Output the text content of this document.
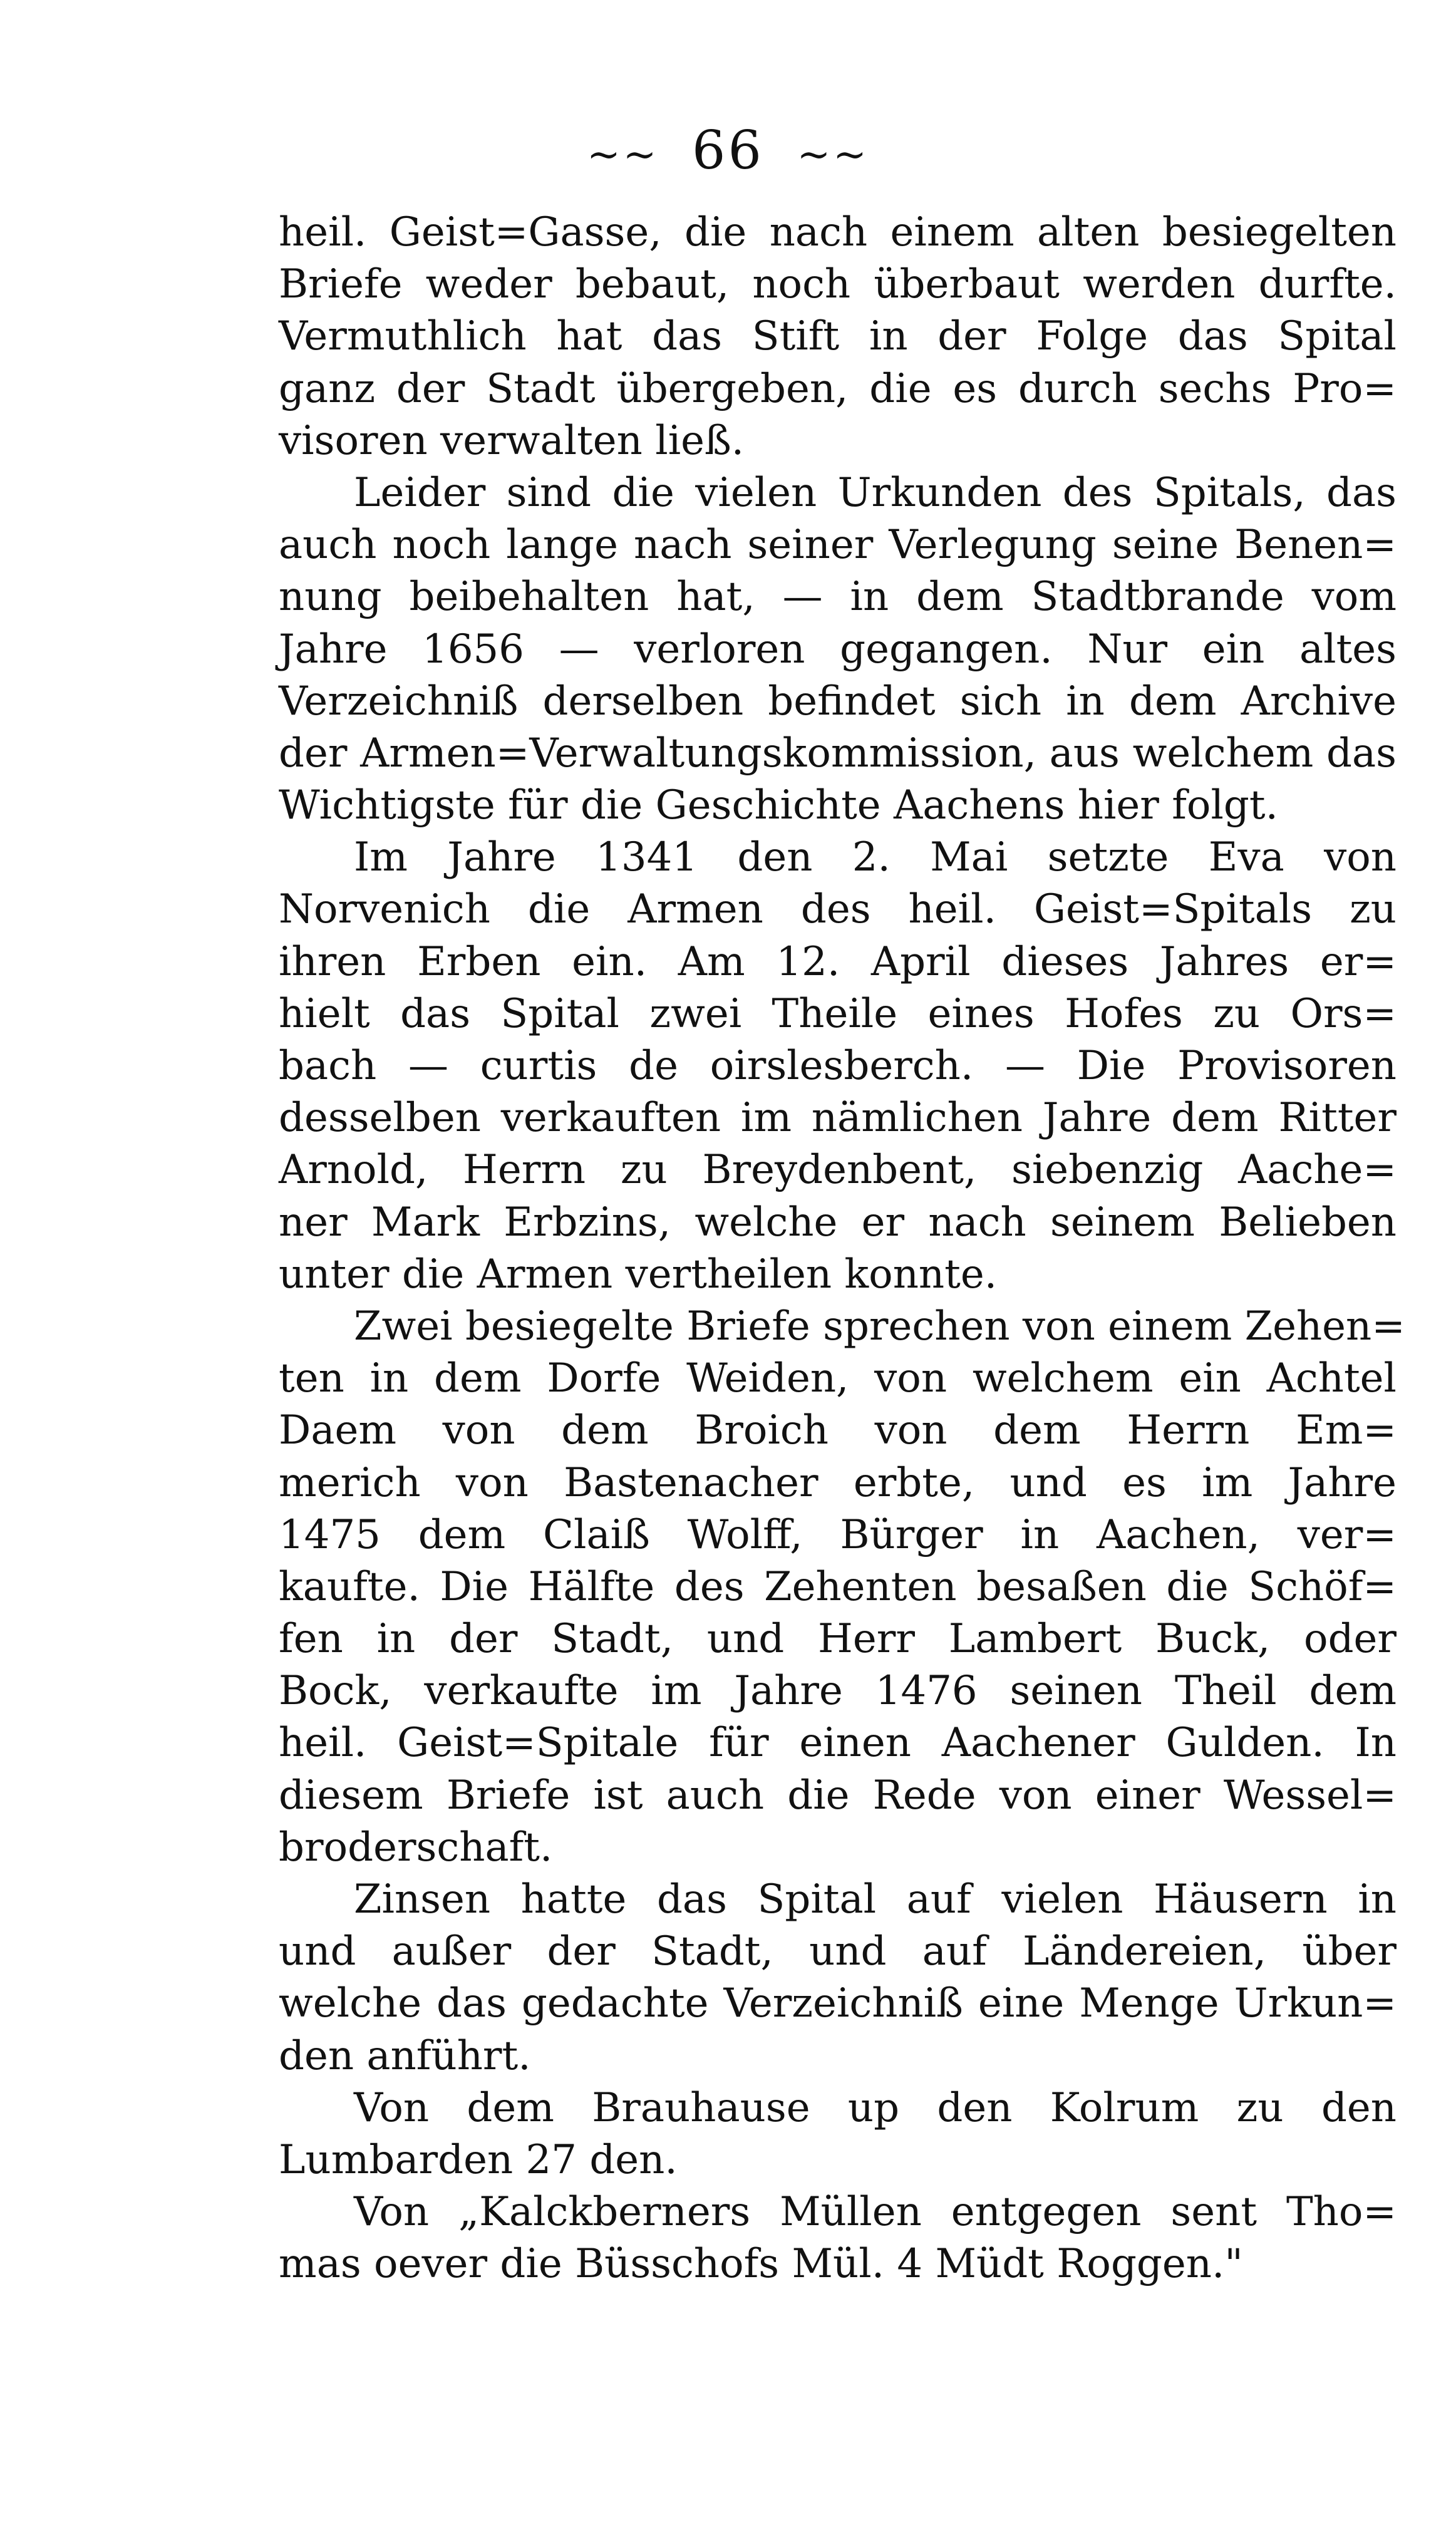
~~ 66 ~~
heil. Geist=Gasse, die nach einem alten besiegelten
Briefe weder bebaut, noch überbaut werden durfte.
Vermuthlich hat das Stift in der Folge das Spital
ganz der Stadt übergeben, die es durch sechs Pro=
visoren verwalten ließ.
Leider sind die vielen Urkunden des Spitals, das
auch noch lange nach seiner Verlegung seine Benen=
nung beibehalten hat, — in dem Stadtbrande vom
Jahre 1656 — verloren gegangen. Nur ein altes
Verzeichniß derselben befindet sich in dem Archive
der Armen=Verwaltungskommission, aus welchem das
Wichtigste für die Geschichte Aachens hier folgt.
Im Jahre 1341 den 2. Mai setzte Eva von
Norvenich die Armen des heil. Geist=Spitals zu
ihren Erben ein. Am 12. April dieses Jahres er=
hielt das Spital zwei Theile eines Hofes zu Ors=
bach — curtis de oirslesberch. — Die Provisoren
desselben verkauften im nämlichen Jahre dem Ritter
Arnold, Herrn zu Breydenbent, siebenzig Aache=
ner Mark Erbzins, welche er nach seinem Belieben
unter die Armen vertheilen konnte.
Zwei besiegelte Briefe sprechen von einem Zehen=
ten in dem Dorfe Weiden, von welchem ein Achtel
Daem von dem Broich von dem Herrn Em=
merich von Bastenacher erbte, und es im Jahre
1475 dem Claiß Wolff, Bürger in Aachen, ver=
kaufte. Die Hälfte des Zehenten besaßen die Schöf=
fen in der Stadt, und Herr Lambert Buck, oder
Bock, verkaufte im Jahre 1476 seinen Theil dem
heil. Geist=Spitale für einen Aachener Gulden. In
diesem Briefe ist auch die Rede von einer Wessel=
broderschaft.
Zinsen hatte das Spital auf vielen Häusern in
und außer der Stadt, und auf Ländereien, über
welche das gedachte Verzeichniß eine Menge Urkun=
den anführt.
Von dem Brauhause up den Kolrum zu den
Lumbarden 27 den.
Von „Kalckberners Müllen entgegen sent Tho=
mas oever die Büsschofs Mül. 4 Müdt Roggen."
